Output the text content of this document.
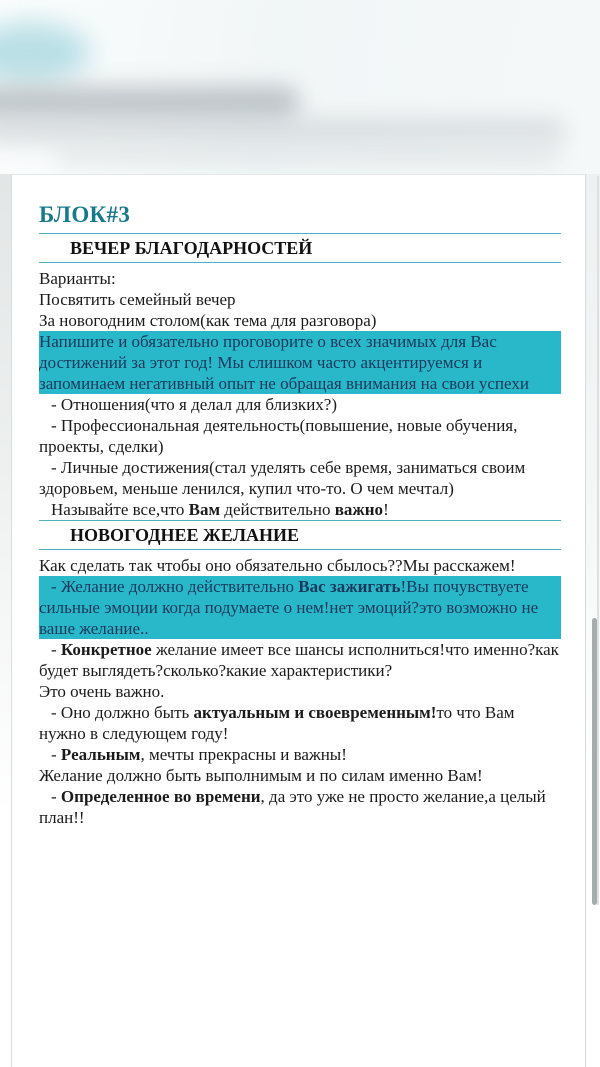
БЛОК#3
ВЕЧЕР БЛАГОДАРНОСТЕЙ

Варианты:

Посвятить семейный вечер

За новогодним столом(как тема для разговора)

Напишите и обязательно проговорите о всех значимых для Вас достижений за этот год! Мы слишком часто акцентируемся и запоминаем негативный опыт не обращая внимания на свои успехи

- Отношения(что я делал для близких?)

- Профессиональная деятельность(повышение, новые обучения, проекты, сделки)

- Личные достижения(стал уделять себе время, заниматься своим здоровьем, меньше ленился, купил что-то. О чем мечтал)

Называйте все,что Вам действительно важно!

НОВОГОДНЕЕ ЖЕЛАНИЕ

Как сделать так чтобы оно обязательно сбылось??Мы расскажем!

- Желание должно действительно Вас зажигать!Вы почувствуете сильные эмоции когда подумаете о нем!нет эмоций?это возможно не ваше желание..

- Конкретное желание имеет все шансы исполниться!что именно?как будет выглядеть?сколько?какие характеристики?

Это очень важно.

- Оно должно быть актуальным и своевременным!то что Вам нужно в следующем году!

- Реальным, мечты прекрасны и важны!

Желание должно быть выполнимым и по силам именно Вам!

- Определенное во времени, да это уже не просто желание,а целый план!!
